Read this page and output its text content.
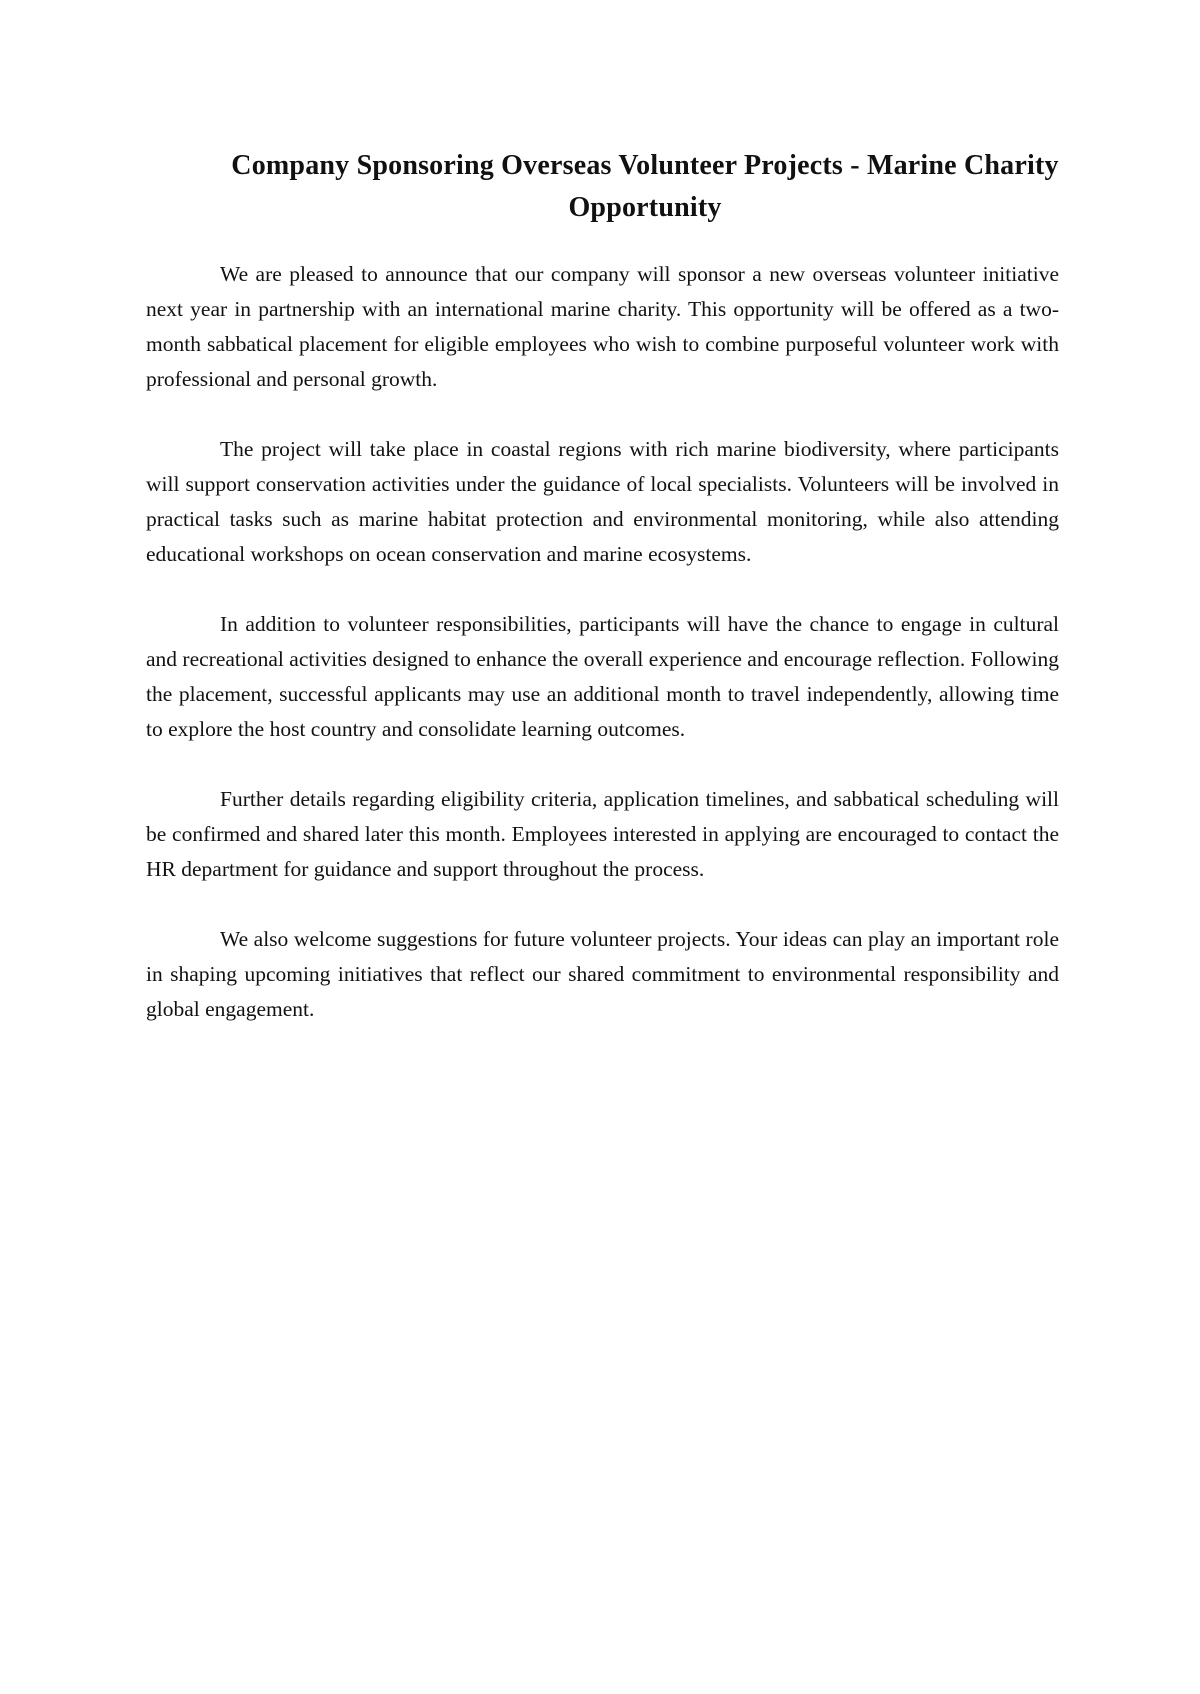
Company Sponsoring Overseas Volunteer Projects - Marine Charity Opportunity

We are pleased to announce that our company will sponsor a new overseas volunteer initiative next year in partnership with an international marine charity. This opportunity will be offered as a two-month sabbatical placement for eligible employees who wish to combine purposeful volunteer work with professional and personal growth.

The project will take place in coastal regions with rich marine biodiversity, where participants will support conservation activities under the guidance of local specialists. Volunteers will be involved in practical tasks such as marine habitat protection and environmental monitoring, while also attending educational workshops on ocean conservation and marine ecosystems.

In addition to volunteer responsibilities, participants will have the chance to engage in cultural and recreational activities designed to enhance the overall experience and encourage reflection. Following the placement, successful applicants may use an additional month to travel independently, allowing time to explore the host country and consolidate learning outcomes.

Further details regarding eligibility criteria, application timelines, and sabbatical scheduling will be confirmed and shared later this month. Employees interested in applying are encouraged to contact the HR department for guidance and support throughout the process.

We also welcome suggestions for future volunteer projects. Your ideas can play an important role in shaping upcoming initiatives that reflect our shared commitment to environmental responsibility and global engagement.
